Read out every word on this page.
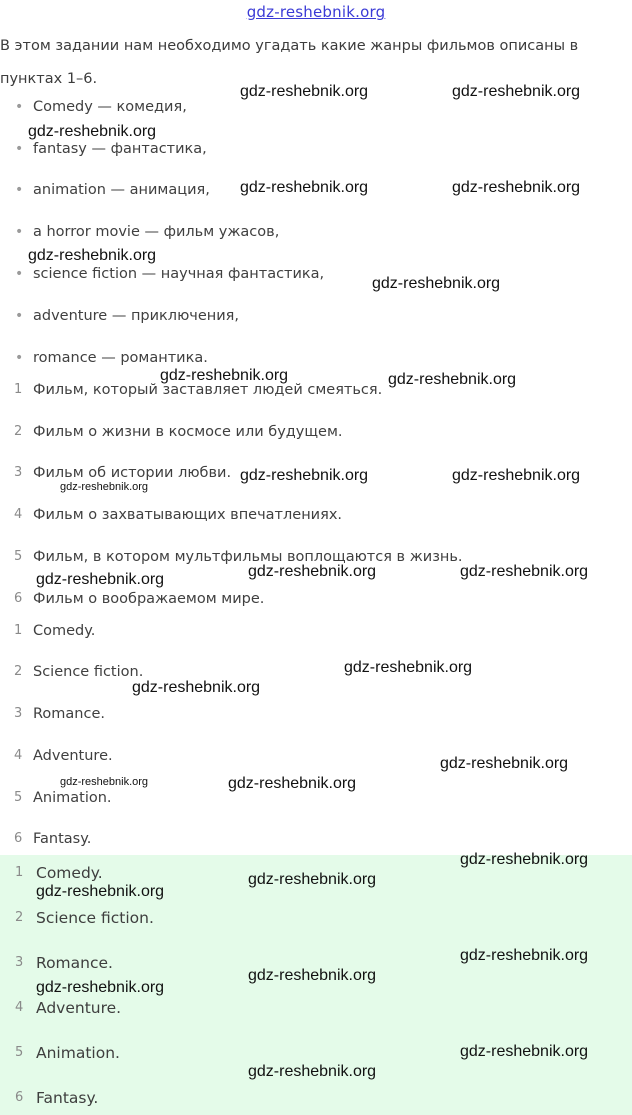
gdz-reshebnik.org
В этом задании нам необходимо угадать какие жанры фильмов описаны в пунктах 1–6.
• Comedy — комедия,
• fantasy — фантастика,
• animation — анимация,
• a horror movie — фильм ужасов,
• science fiction — научная фантастика,
• adventure — приключения,
• romance — романтика.
1 Фильм, который заставляет людей смеяться.
2 Фильм о жизни в космосе или будущем.
3 Фильм об истории любви.
4 Фильм о захватывающих впечатлениях.
5 Фильм, в котором мультфильмы воплощаются в жизнь.
6 Фильм о воображаемом мире.
1 Comedy.
2 Science fiction.
3 Romance.
4 Adventure.
5 Animation.
6 Fantasy.
1 Comedy.
2 Science fiction.
3 Romance.
4 Adventure.
5 Animation.
6 Fantasy.
gdz-reshebnik.org	gdz-reshebnik.org
gdz-reshebnik.org
gdz-reshebnik.org	gdz-reshebnik.org
gdz-reshebnik.org
gdz-reshebnik.org
gdz-reshebnik.org	gdz-reshebnik.org
gdz-reshebnik.org	gdz-reshebnik.org
gdz-reshebnik.org
gdz-reshebnik.org	gdz-reshebnik.org
gdz-reshebnik.org
gdz-reshebnik.org
gdz-reshebnik.org
gdz-reshebnik.org
gdz-reshebnik.org	gdz-reshebnik.org
gdz-reshebnik.org
gdz-reshebnik.org
gdz-reshebnik.org
gdz-reshebnik.org
gdz-reshebnik.org
gdz-reshebnik.org
gdz-reshebnik.org
gdz-reshebnik.org
